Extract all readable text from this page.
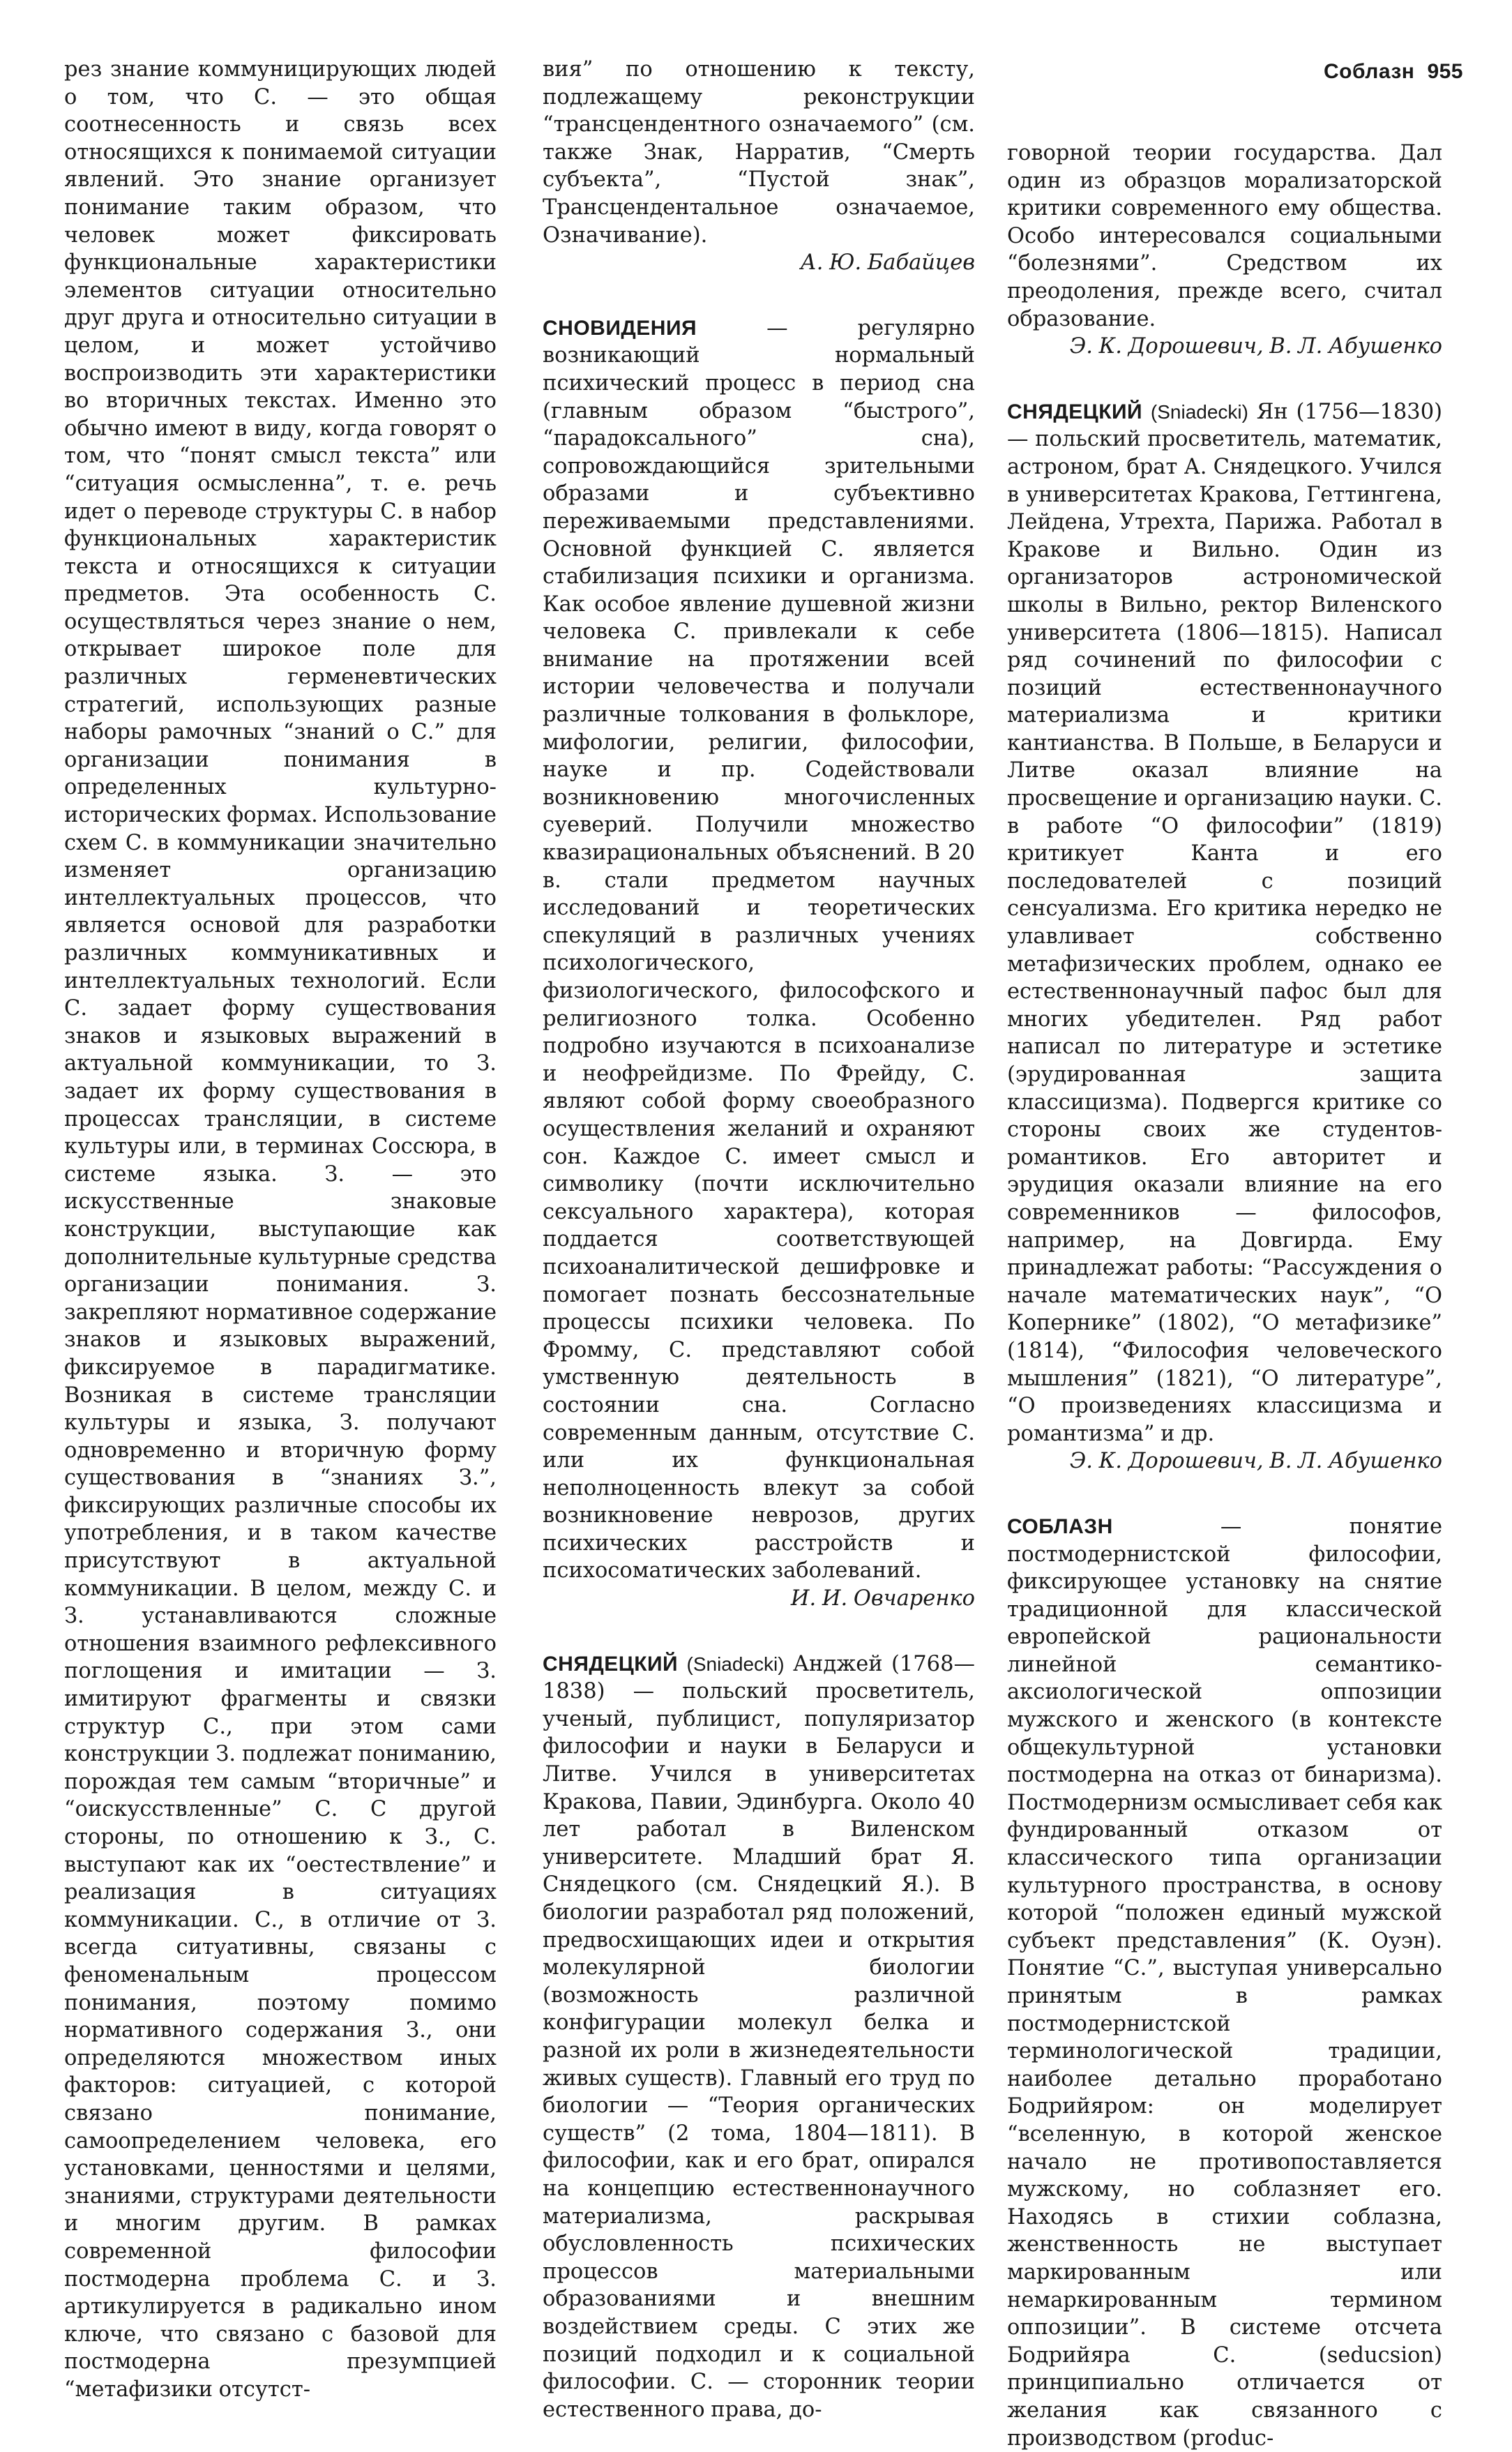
Соблазн 955

рез знание коммуницирующих людей о том, что С. — это общая соотнесенность и связь всех относящихся к понимаемой ситуации явлений. Это знание организует понимание таким образом, что человек может фиксировать функциональные характеристики элементов ситуации относительно друг друга и относительно ситуации в целом, и может устойчиво воспроизводить эти характеристики во вторичных текстах. Именно это обычно имеют в виду, когда говорят о том, что “понят смысл текста” или “ситуация осмысленна”, т. е. речь идет о переводе структуры С. в набор функциональных характеристик текста и относящихся к ситуации предметов. Эта особенность С. осуществляться через знание о нем, открывает широкое поле для различных герменевтических стратегий, использующих разные наборы рамочных “знаний о С.” для организации понимания в определенных культурно-исторических формах. Использование схем С. в коммуникации значительно изменяет организацию интеллектуальных процессов, что является основой для разработки различных коммуникативных и интеллектуальных технологий. Если С. задает форму существования знаков и языковых выражений в актуальной коммуникации, то З. задает их форму существования в процессах трансляции, в системе культуры или, в терминах Соссюра, в системе языка. З. — это искусственные знаковые конструкции, выступающие как дополнительные культурные средства организации понимания. З. закрепляют нормативное содержание знаков и языковых выражений, фиксируемое в парадигматике. Возникая в системе трансляции культуры и языка, З. получают одновременно и вторичную форму существования в “знаниях З.”, фиксирующих различные способы их употребления, и в таком качестве присутствуют в актуальной коммуникации. В целом, между С. и З. устанавливаются сложные отношения взаимного рефлексивного поглощения и имитации — З. имитируют фрагменты и связки структур С., при этом сами конструкции З. подлежат пониманию, порождая тем самым “вторичные” и “оискусствленные” С. С другой стороны, по отношению к З., С. выступают как их “оестествление” и реализация в ситуациях коммуникации. С., в отличие от З. всегда ситуативны, связаны с феноменальным процессом понимания, поэтому помимо нормативного содержания З., они определяются множеством иных факторов: ситуацией, с которой связано понимание, самоопределением человека, его установками, ценностями и целями, знаниями, структурами деятельности и многим другим. В рамках современной философии постмодерна проблема С. и З. артикулируется в радикально ином ключе, что связано с базовой для постмодерна презумпцией “метафизики отсутст-

вия” по отношению к тексту, подлежащему реконструкции “трансцендентного означаемого” (см. также Знак, Нарратив, “Смерть субъекта”, “Пустой знак”, Трансцендентальное означаемое, Означивание).

А. Ю. Бабайцев

СНОВИДЕНИЯ — регулярно возникающий нормальный психический процесс в период сна (главным образом “быстрого”, “парадоксального” сна), сопровождающийся зрительными образами и субъективно переживаемыми представлениями. Основной функцией С. является стабилизация психики и организма. Как особое явление душевной жизни человека С. привлекали к себе внимание на протяжении всей истории человечества и получали различные толкования в фольклоре, мифологии, религии, философии, науке и пр. Содействовали возникновению многочисленных суеверий. Получили множество квазирациональных объяснений. В 20 в. стали предметом научных исследований и теоретических спекуляций в различных учениях психологического, физиологического, философского и религиозного толка. Особенно подробно изучаются в психоанализе и неофрейдизме. По Фрейду, С. являют собой форму своеобразного осуществления желаний и охраняют сон. Каждое С. имеет смысл и символику (почти исключительно сексуального характера), которая поддается соответствующей психоаналитической дешифровке и помогает познать бессознательные процессы психики человека. По Фромму, С. представляют собой умственную деятельность в состоянии сна. Согласно современным данным, отсутствие С. или их функциональная неполноценность влекут за собой возникновение неврозов, других психических расстройств и психосоматических заболеваний.

И. И. Овчаренко

СНЯДЕЦКИЙ (Sniadecki) Анджей (1768—1838) — польский просветитель, ученый, публицист, популяризатор философии и науки в Беларуси и Литве. Учился в университетах Кракова, Павии, Эдинбурга. Около 40 лет работал в Виленском университете. Младший брат Я. Снядецкого (см. Снядецкий Я.). В биологии разработал ряд положений, предвосхищающих идеи и открытия молекулярной биологии (возможность различной конфигурации молекул белка и разной их роли в жизнедеятельности живых существ). Главный его труд по биологии — “Теория органических существ” (2 тома, 1804—1811). В философии, как и его брат, опирался на концепцию естественнонаучного материализма, раскрывая обусловленность психических процессов материальными образованиями и внешним воздействием среды. С этих же позиций подходил и к социальной философии. С. — сторонник теории естественного права, до-

говорной теории государства. Дал один из образцов морализаторской критики современного ему общества. Особо интересовался социальными “болезнями”. Средством их преодоления, прежде всего, считал образование.

Э. К. Дорошевич, В. Л. Абушенко

СНЯДЕЦКИЙ (Sniadecki) Ян (1756—1830) — польский просветитель, математик, астроном, брат А. Снядецкого. Учился в университетах Кракова, Геттингена, Лейдена, Утрехта, Парижа. Работал в Кракове и Вильно. Один из организаторов астрономической школы в Вильно, ректор Виленского университета (1806—1815). Написал ряд сочинений по философии с позиций естественнонаучного материализма и критики кантианства. В Польше, в Беларуси и Литве оказал влияние на просвещение и организацию науки. С. в работе “О философии” (1819) критикует Канта и его последователей с позиций сенсуализма. Его критика нередко не улавливает собственно метафизических проблем, однако ее естественнонаучный пафос был для многих убедителен. Ряд работ написал по литературе и эстетике (эрудированная защита классицизма). Подвергся критике со стороны своих же студентов-романтиков. Его авторитет и эрудиция оказали влияние на его современников — философов, например, на Довгирда. Ему принадлежат работы: “Рассуждения о начале математических наук”, “О Копернике” (1802), “О метафизике” (1814), “Философия человеческого мышления” (1821), “О литературе”, “О произведениях классицизма и романтизма” и др.

Э. К. Дорошевич, В. Л. Абушенко

СОБЛАЗН — понятие постмодернистской философии, фиксирующее установку на снятие традиционной для классической европейской рациональности линейной семантико-аксиологической оппозиции мужского и женского (в контексте общекультурной установки постмодерна на отказ от бинаризма). Постмодернизм осмысливает себя как фундированный отказом от классического типа организации культурного пространства, в основу которой “положен единый мужской субъект представления” (К. Оуэн). Понятие “С.”, выступая универсально принятым в рамках постмодернистской терминологической традиции, наиболее детально проработано Бодрийяром: он моделирует “вселенную, в которой женское начало не противопоставляется мужскому, но соблазняет его. Находясь в стихии соблазна, женственность не выступает маркированным или немаркированным термином оппозиции”. В системе отсчета Бодрийяра С. (seducsion) принципиально отличается от желания как связанного с производством (produc-
